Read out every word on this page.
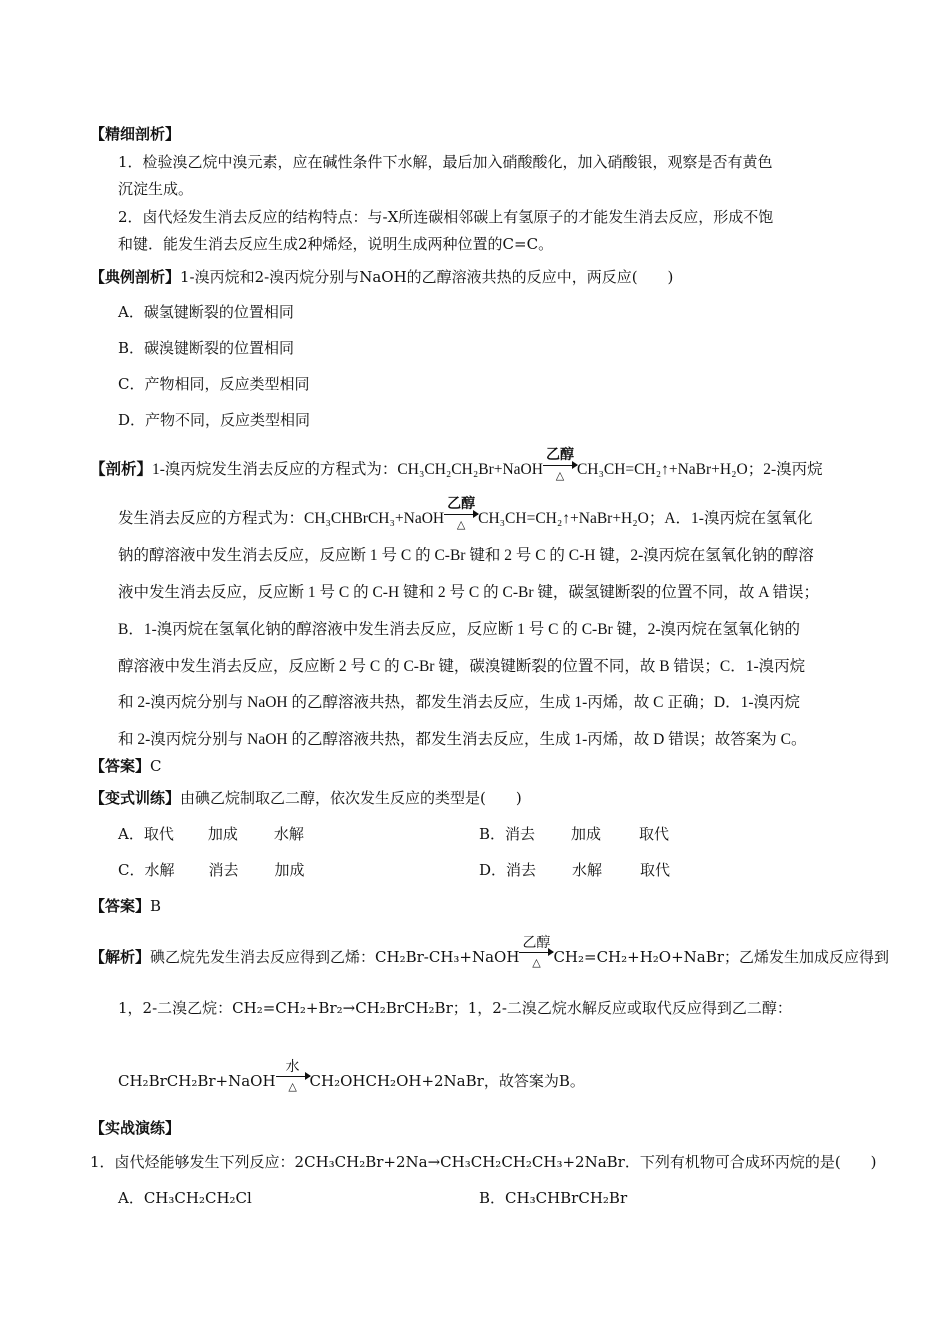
【精细剖析】
1．检验溴乙烷中溴元素，应在碱性条件下水解，最后加入硝酸酸化，加入硝酸银，观察是否有黄色
沉淀生成。
2．卤代烃发生消去反应的结构特点：与-X所连碳相邻碳上有氢原子的才能发生消去反应，形成不饱
和键．能发生消去反应生成2种烯烃，说明生成两种位置的C=C。
【典例剖析】1-溴丙烷和2-溴丙烷分别与NaOH的乙醇溶液共热的反应中，两反应(　　)
A．碳氢键断裂的位置相同
B．碳溴键断裂的位置相同
C．产物相同，反应类型相同
D．产物不同，反应类型相同
【剖析】1-溴丙烷发生消去反应的方程式为：CH₃CH₂CH₂Br+NaOH
乙醇
△ CH₃CH=CH₂↑+NaBr+H₂O；2-溴丙烷
发生消去反应的方程式为：CH₃CHBrCH₃+NaOH
乙醇
△ CH₃CH=CH₂↑+NaBr+H₂O；A．1-溴丙烷在氢氧化
钠的醇溶液中发生消去反应，反应断 1 号 C 的 C-Br 键和 2 号 C 的 C-H 键，2-溴丙烷在氢氧化钠的醇溶
液中发生消去反应，反应断 1 号 C 的 C-H 键和 2 号 C 的 C-Br 键，碳氢键断裂的位置不同，故 A 错误；
B．1-溴丙烷在氢氧化钠的醇溶液中发生消去反应，反应断 1 号 C 的 C-Br 键，2-溴丙烷在氢氧化钠的
醇溶液中发生消去反应，反应断 2 号 C 的 C-Br 键，碳溴键断裂的位置不同，故 B 错误；C．1-溴丙烷
和 2-溴丙烷分别与 NaOH 的乙醇溶液共热，都发生消去反应，生成 1-丙烯，故 C 正确；D．1-溴丙烷
和 2-溴丙烷分别与 NaOH 的乙醇溶液共热，都发生消去反应，生成 1-丙烯，故 D 错误；故答案为 C。
【答案】C
【变式训练】由碘乙烷制取乙二醇，依次发生反应的类型是(　　)
A．取代 加成 水解	B．消去 加成	取代
C．水解 消去 加成	D．消去 水解	取代
【答案】B
【解析】碘乙烷先发生消去反应得到乙烯：CH₂Br-CH₃+NaOH
乙醇
△ CH₂=CH₂+H₂O+NaBr；乙烯发生加成反应得到
1，2-二溴乙烷：CH₂=CH₂+Br₂→CH₂BrCH₂Br；1，2-二溴乙烷水解反应或取代反应得到乙二醇：
CH₂BrCH₂Br+NaOH
水
△ CH₂OHCH₂OH+2NaBr，故答案为B。
【实战演练】
1．卤代烃能够发生下列反应：2CH₃CH₂Br+2Na→CH₃CH₂CH₂CH₃+2NaBr．下列有机物可合成环丙烷的是(　　)
A．CH₃CH₂CH₂Cl	B．CH₃CHBrCH₂Br
